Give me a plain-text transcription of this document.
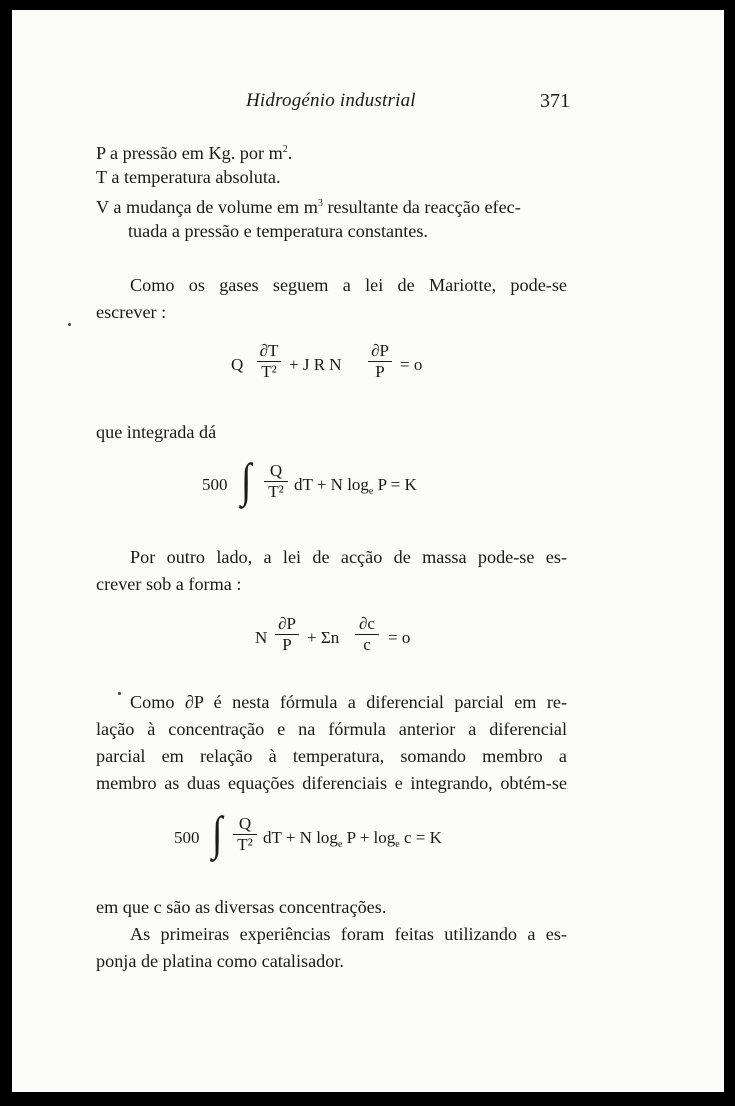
Hidrogénio industrial	371
P a pressão em Kg. por $m^2$.
T a temperatura absoluta.
V a mudança de volume em $m^3$ resultante da reacção efec-
tuada a pressão e temperatura constantes.
Como os gases seguem a lei de Mariotte, pode-se
escrever :
Q
∂T
T² + J R N
∂P
P = o
que integrada dá
500 ∫	Q
T² dT + N $\log_e P = K$
Por outro lado, a lei de acção de massa pode-se es-
crever sob a forma :
N
∂P
P + Σn
∂c
c	= o
Como ∂P é nesta fórmula a diferencial parcial em re-
lação à concentração e na fórmula anterior a diferencial
parcial em relação à temperatura, somando membro a
membro as duas equações diferenciais e integrando, obtém-se
500 ∫ Q
T² dT + N $\log_e P + \log_e c = K$
em que c são as diversas concentrações.
As primeiras experiências foram feitas utilizando a es-
ponja de platina como catalisador.
